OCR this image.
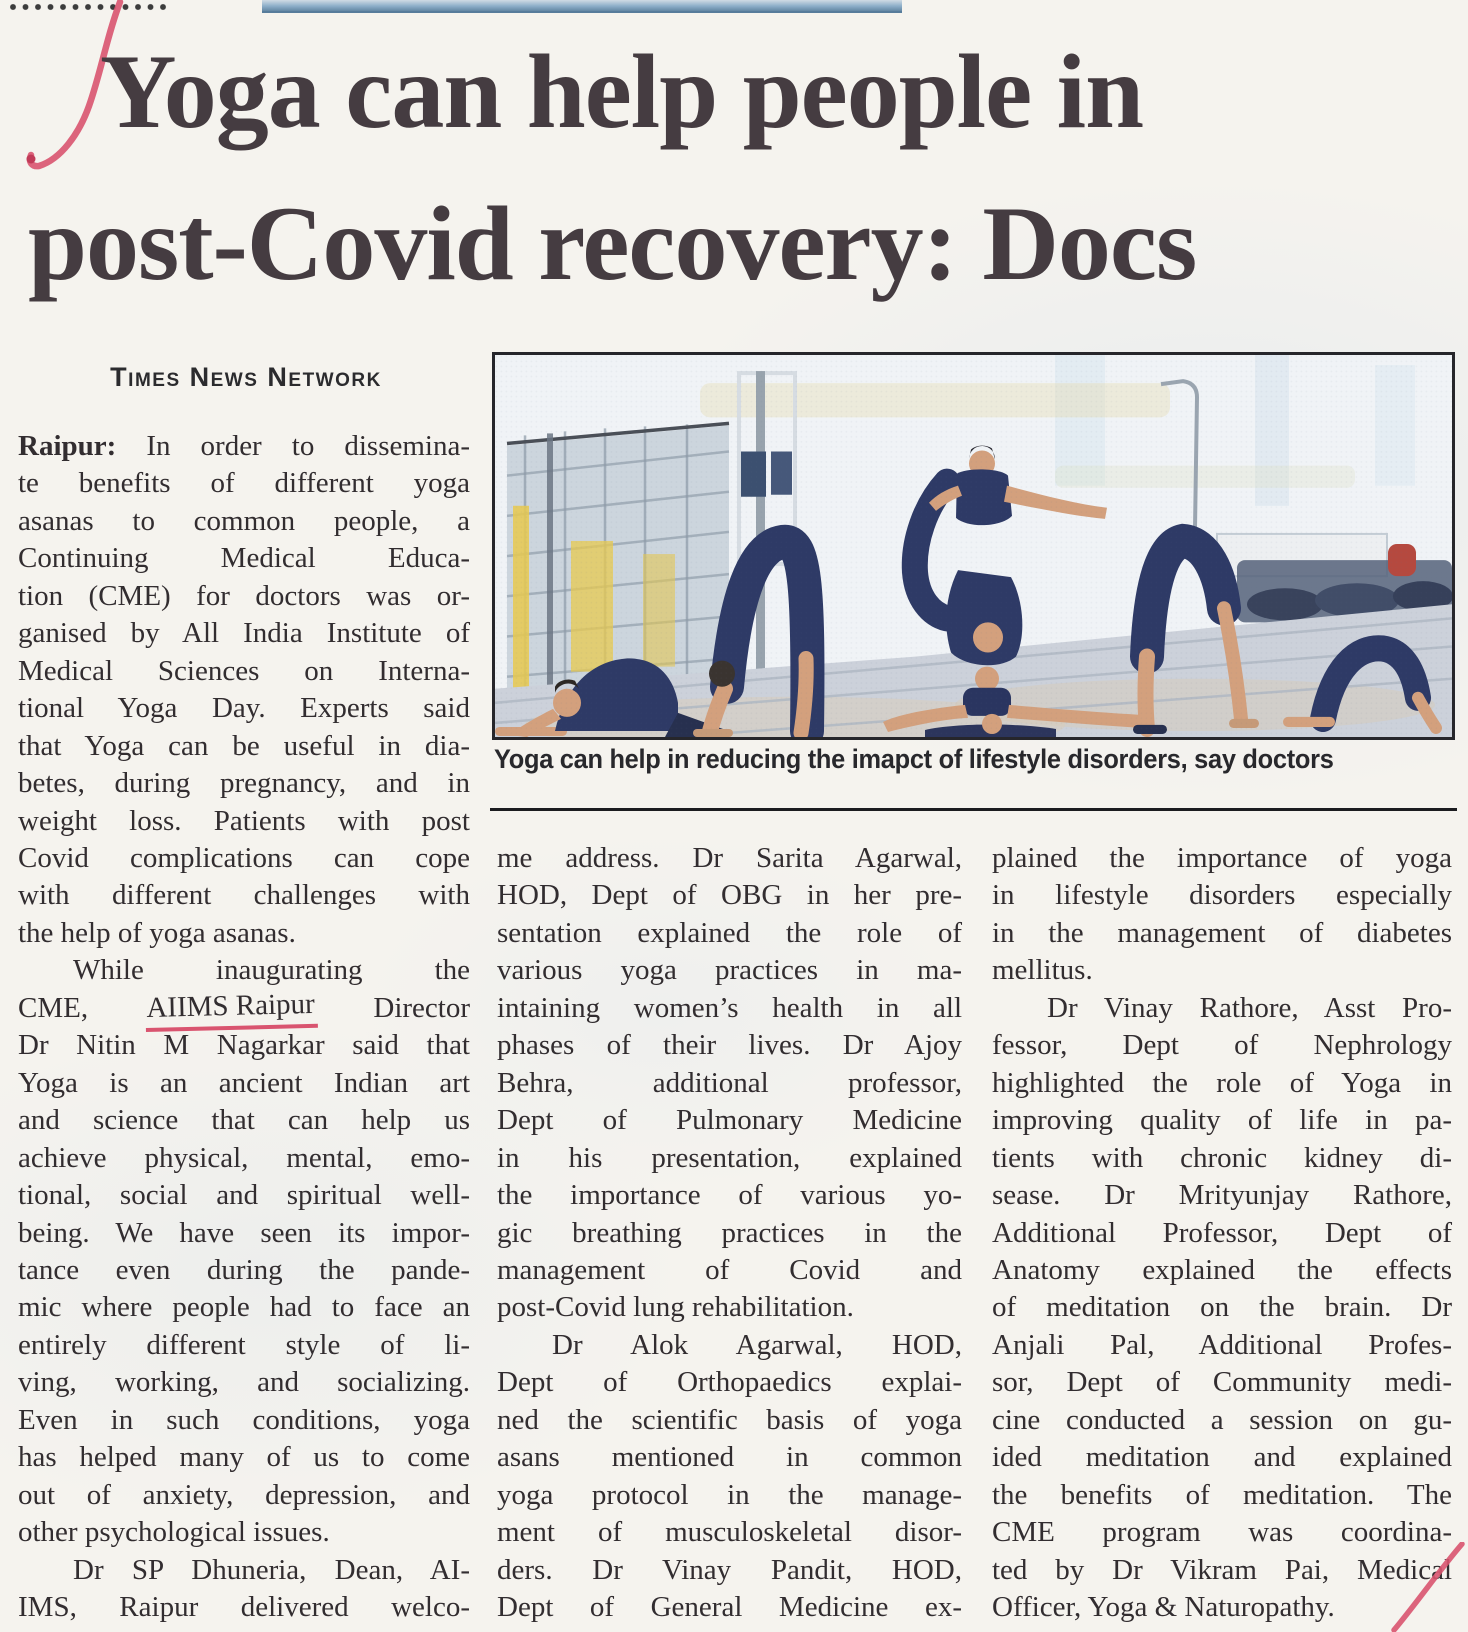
Yoga can help people in
post-Covid recovery: Docs
Times News Network
Yoga can help in reducing the imapct of lifestyle disorders, say doctors
Raipur: In order to dissemina-
te benefits of different yoga
asanas to common people, a
Continuing Medical Educa-
tion (CME) for doctors was or-
ganised by All India Institute of
Medical Sciences on Interna-
tional Yoga Day. Experts said
that Yoga can be useful in dia-
betes, during pregnancy, and in
weight loss. Patients with post
Covid complications can cope
with different challenges with
the help of yoga asanas.
While inaugurating the
CME, AIIMS Raipur Director
Dr Nitin M Nagarkar said that
Yoga is an ancient Indian art
and science that can help us
achieve physical, mental, emo-
tional, social and spiritual well-
being. We have seen its impor-
tance even during the pande-
mic where people had to face an
entirely different style of li-
ving, working, and socializing.
Even in such conditions, yoga
has helped many of us to come
out of anxiety, depression, and
other psychological issues.
Dr SP Dhuneria, Dean, AI-
IMS, Raipur delivered welco-
me address. Dr Sarita Agarwal,
HOD, Dept of OBG in her pre-
sentation explained the role of
various yoga practices in ma-
intaining women’s health in all
phases of their lives. Dr Ajoy
Behra, additional professor,
Dept of Pulmonary Medicine
in his presentation, explained
the importance of various yo-
gic breathing practices in the
management of Covid and
post-Covid lung rehabilitation.
Dr Alok Agarwal, HOD,
Dept of Orthopaedics explai-
ned the scientific basis of yoga
asans mentioned in common
yoga protocol in the manage-
ment of musculoskeletal disor-
ders. Dr Vinay Pandit, HOD,
Dept of General Medicine ex-
plained the importance of yoga
in lifestyle disorders especially
in the management of diabetes
mellitus.
Dr Vinay Rathore, Asst Pro-
fessor, Dept of Nephrology
highlighted the role of Yoga in
improving quality of life in pa-
tients with chronic kidney di-
sease. Dr Mrityunjay Rathore,
Additional Professor, Dept of
Anatomy explained the effects
of meditation on the brain. Dr
Anjali Pal, Additional Profes-
sor, Dept of Community medi-
cine conducted a session on gu-
ided meditation and explained
the benefits of meditation. The
CME program was coordina-
ted by Dr Vikram Pai, Medical
Officer, Yoga & Naturopathy.
